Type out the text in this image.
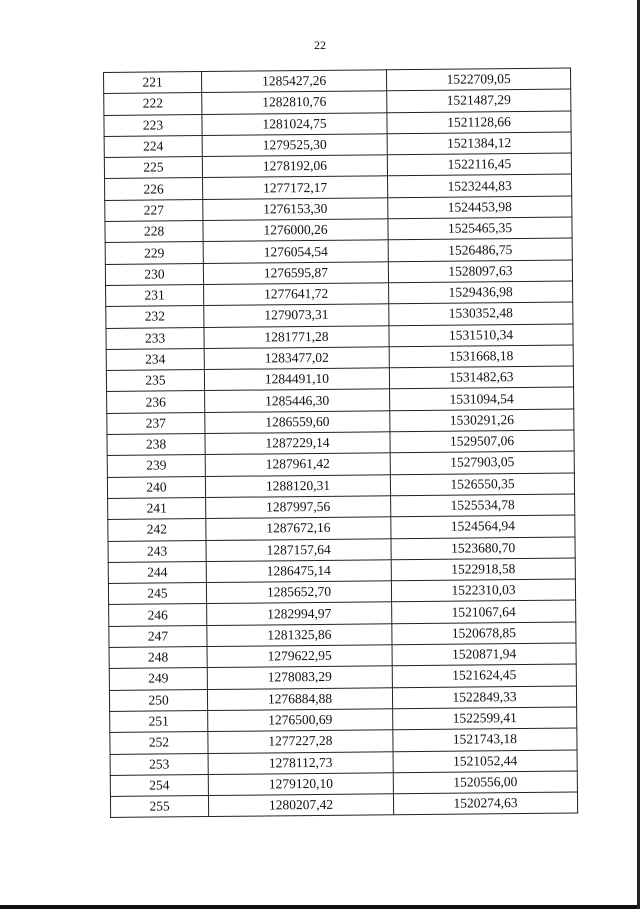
22
221	1285427,26	1522709,05
222	1282810,76	1521487,29
223	1281024,75	1521128,66
224	1279525,30	1521384,12
225	1278192,06	1522116,45
226	1277172,17	1523244,83
227	1276153,30	1524453,98
228	1276000,26	1525465,35
229	1276054,54	1526486,75
230	1276595,87	1528097,63
231	1277641,72	1529436,98
232	1279073,31	1530352,48
233	1281771,28	1531510,34
234	1283477,02	1531668,18
235	1284491,10	1531482,63
236	1285446,30	1531094,54
237	1286559,60	1530291,26
238	1287229,14	1529507,06
239	1287961,42	1527903,05
240	1288120,31	1526550,35
241	1287997,56	1525534,78
242	1287672,16	1524564,94
243	1287157,64	1523680,70
244	1286475,14	1522918,58
245	1285652,70	1522310,03
246	1282994,97	1521067,64
247	1281325,86	1520678,85
248	1279622,95	1520871,94
249	1278083,29	1521624,45
250	1276884,88	1522849,33
251	1276500,69	1522599,41
252	1277227,28	1521743,18
253	1278112,73	1521052,44
254	1279120,10	1520556,00
255	1280207,42	1520274,63
